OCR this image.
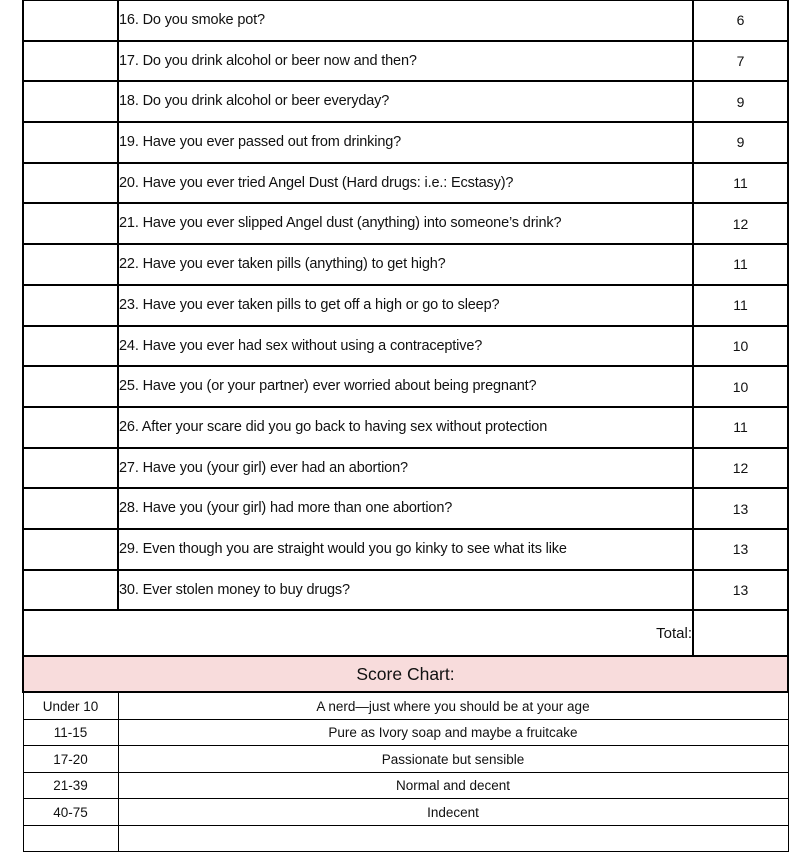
	16. Do you smoke pot?	6
	17. Do you drink alcohol or beer now and then?	7
	18. Do you drink alcohol or beer everyday?	9
	19. Have you ever passed out from drinking?	9
	20. Have you ever tried Angel Dust (Hard drugs: i.e.: Ecstasy)?	11
	21. Have you ever slipped Angel dust (anything) into someone’s drink?	12
	22. Have you ever taken pills (anything) to get high?	11
	23. Have you ever taken pills to get off a high or go to sleep?	11
	24. Have you ever had sex without using a contraceptive?	10
	25. Have you (or your partner) ever worried about being pregnant?	10
	26. After your scare did you go back to having sex without protection	11
	27. Have you (your girl) ever had an abortion?	12
	28. Have you (your girl) had more than one abortion?	13
	29. Even though you are straight would you go kinky to see what its like	13
	30. Ever stolen money to buy drugs?	13
Total:		
Score Chart:		
Under 10	A nerd—just where you should be at your age	
11-15	Pure as Ivory soap and maybe a fruitcake	
17-20	Passionate but sensible	
21-39	Normal and decent	
40-75	Indecent	
